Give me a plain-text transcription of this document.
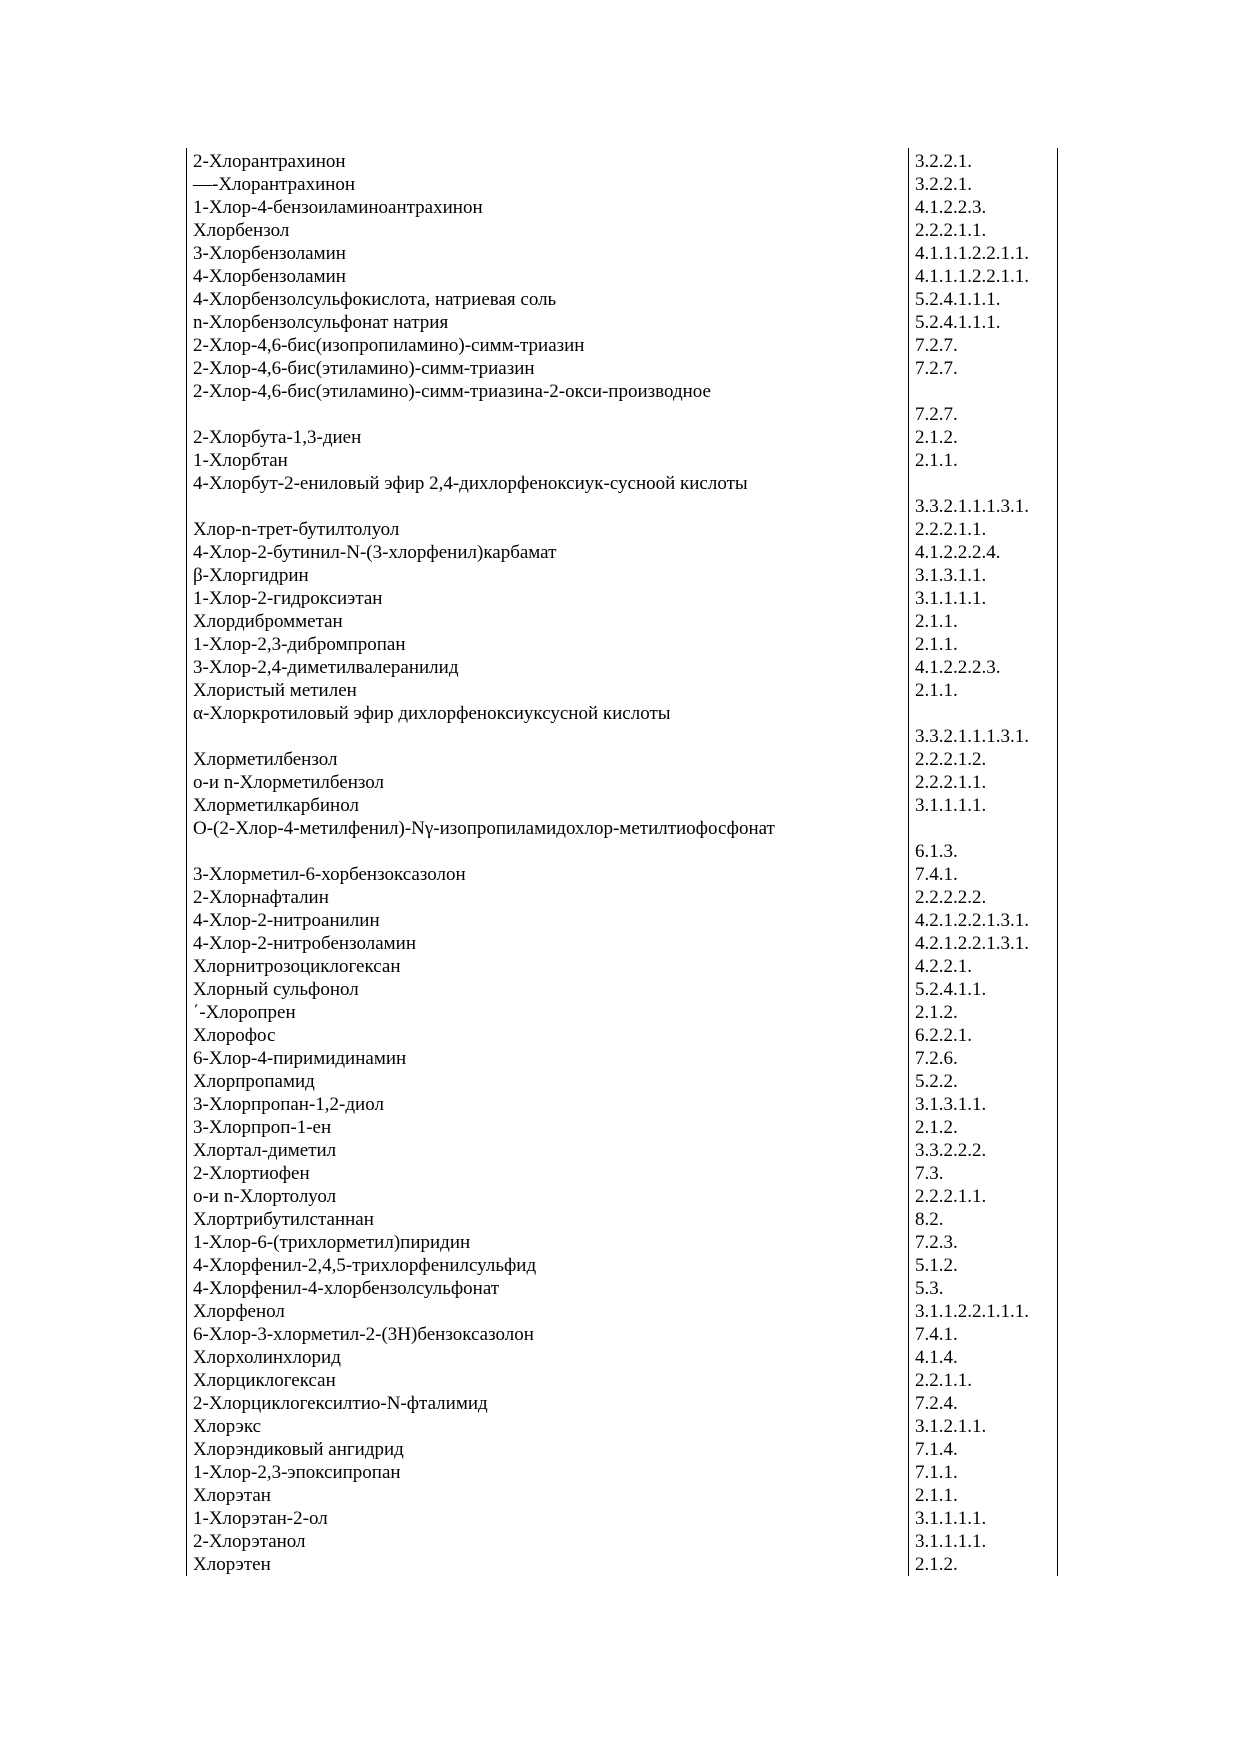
2-Хлорантрахинон	3.2.2.1.
—-Хлорантрахинон	3.2.2.1.
1-Хлор-4-бензоиламиноантрахинон	4.1.2.2.3.
Хлорбензол	2.2.2.1.1.
3-Хлорбензоламин	4.1.1.1.2.2.1.1.
4-Хлорбензоламин	4.1.1.1.2.2.1.1.
4-Хлорбензолсульфокислота, натриевая соль	5.2.4.1.1.1.
n-Хлорбензолсульфонат натрия	5.2.4.1.1.1.
2-Хлор-4,6-бис(изопропиламино)-симм-триазин	7.2.7.
2-Хлор-4,6-бис(этиламино)-симм-триазин	7.2.7.
2-Хлор-4,6-бис(этиламино)-симм-триазина-2-окси-производное	7.2.7.
2-Хлорбута-1,3-диен	2.1.2.
1-Хлорбтан	2.1.1.
4-Хлорбут-2-ениловый эфир 2,4-дихлорфеноксиук-сусноой кислоты	3.3.2.1.1.1.3.1.
Хлор-n-трет-бутилтолуол	2.2.2.1.1.
4-Хлор-2-бутинил-N-(3-хлорфенил)карбамат	4.1.2.2.2.4.
β-Хлоргидрин	3.1.3.1.1.
1-Хлор-2-гидроксиэтан	3.1.1.1.1.
Хлордибромметан	2.1.1.
1-Хлор-2,3-дибромпропан	2.1.1.
3-Хлор-2,4-диметилвалеранилид	4.1.2.2.2.3.
Хлористый метилен	2.1.1.
α-Хлоркротиловый эфир дихлорфеноксиуксусной кислоты	3.3.2.1.1.1.3.1.
Хлорметилбензол	2.2.2.1.2.
о-и n-Хлорметилбензол	2.2.2.1.1.
Хлорметилкарбинол	3.1.1.1.1.
O-(2-Хлор-4-метилфенил)-Nγ-изопропиламидохлор-метилтиофосфонат	6.1.3.
3-Хлорметил-6-хорбензоксазолон	7.4.1.
2-Хлорнафталин	2.2.2.2.2.
4-Хлор-2-нитроанилин	4.2.1.2.2.1.3.1.
4-Хлор-2-нитробензоламин	4.2.1.2.2.1.3.1.
Хлорнитрозоциклогексан	4.2.2.1.
Хлорный сульфонол	5.2.4.1.1.
΄-Хлоропрен	2.1.2.
Хлорофос	6.2.2.1.
6-Хлор-4-пиримидинамин	7.2.6.
Хлорпропамид	5.2.2.
3-Хлорпропан-1,2-диол	3.1.3.1.1.
3-Хлорпроп-1-ен	2.1.2.
Хлортал-диметил	3.3.2.2.2.
2-Хлортиофен	7.3.
о-и n-Хлортолуол	2.2.2.1.1.
Хлортрибутилстаннан	8.2.
1-Хлор-6-(трихлорметил)пиридин	7.2.3.
4-Хлорфенил-2,4,5-трихлорфенилсульфид	5.1.2.
4-Хлорфенил-4-хлорбензолсульфонат	5.3.
Хлорфенол	3.1.1.2.2.1.1.1.
6-Хлор-3-хлорметил-2-(3Н)бензоксазолон	7.4.1.
Хлорхолинхлорид	4.1.4.
Хлорциклогексан	2.2.1.1.
2-Хлорциклогексилтио-N-фталимид	7.2.4.
Хлорэкс	3.1.2.1.1.
Хлорэндиковый ангидрид	7.1.4.
1-Хлор-2,3-эпоксипропан	7.1.1.
Хлорэтан	2.1.1.
1-Хлорэтан-2-ол	3.1.1.1.1.
2-Хлорэтанол	3.1.1.1.1.
Хлорэтен	2.1.2.
